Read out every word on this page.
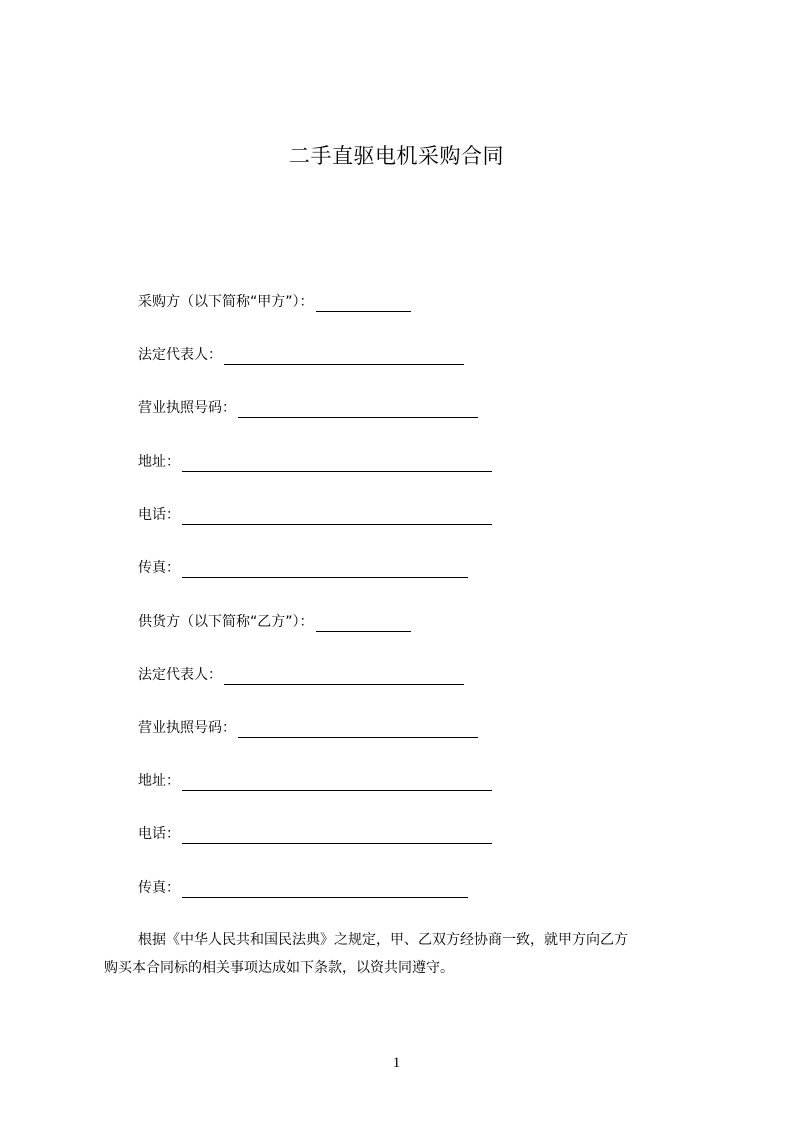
二手直驱电机采购合同
采购方（以下简称“甲方”）：
法定代表人：
营业执照号码：
地址：
电话：
传真：
供货方（以下简称“乙方”）：
法定代表人：
营业执照号码：
地址：
电话：
传真：
根据《中华人民共和国民法典》之规定，甲、乙双方经协商一致，就甲方向乙方
购买本合同标的相关事项达成如下条款，以资共同遵守。
1
